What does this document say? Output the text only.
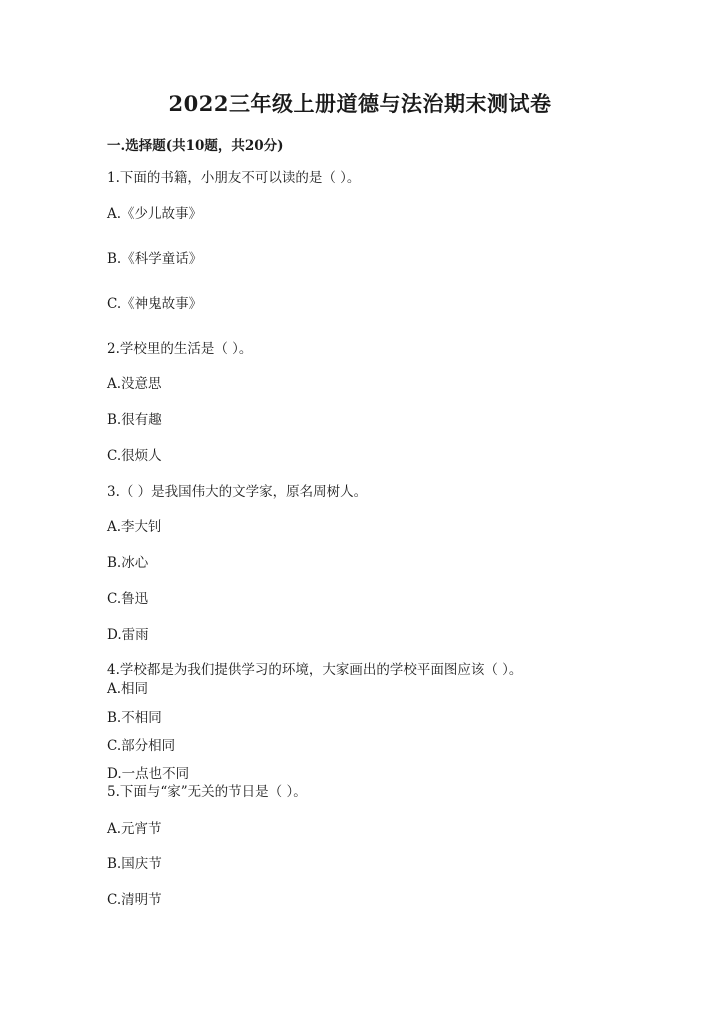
2022三年级上册道德与法治期末测试卷
一.选择题(共10题，共20分)
1.下面的书籍，小朋友不可以读的是（ ）。
A.《少儿故事》
B.《科学童话》
C.《神鬼故事》
2.学校里的生活是（ ）。
A.没意思
B.很有趣
C.很烦人
3.（ ）是我国伟大的文学家，原名周树人。
A.李大钊
B.冰心
C.鲁迅
D.雷雨
4.学校都是为我们提供学习的环境，大家画出的学校平面图应该（ ）。
A.相同
B.不相同
C.部分相同
D.一点也不同
5.下面与“家”无关的节日是（ ）。
A.元宵节
B.国庆节
C.清明节
